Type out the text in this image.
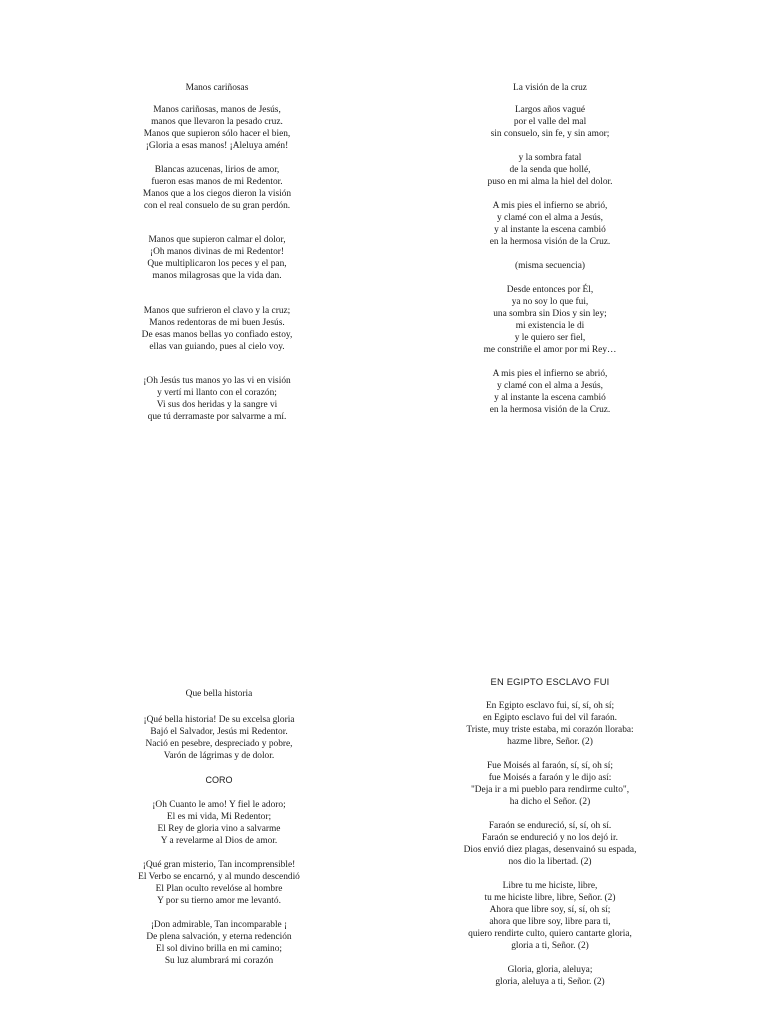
Manos cariñosas
Manos cariñosas, manos de Jesús,
manos que llevaron la pesado cruz.
Manos que supieron sólo hacer el bien,
¡Gloria a esas manos! ¡Aleluya amén!
Blancas azucenas, lirios de amor,
fueron esas manos de mi Redentor.
Manos que a los ciegos dieron la visión
con el real consuelo de su gran perdón.
Manos que supieron calmar el dolor,
¡Oh manos divinas de mi Redentor!
Que multiplicaron los peces y el pan,
manos milagrosas que la vida dan.
Manos que sufrieron el clavo y la cruz;
Manos redentoras de mi buen Jesús.
De esas manos bellas yo confiado estoy,
ellas van guiando, pues al cielo voy.
¡Oh Jesús tus manos yo las vi en visión
y vertí mi llanto con el corazón;
Vi sus dos heridas y la sangre vi
que tú derramaste por salvarme a mí.
La visión de la cruz
Largos años vagué
por el valle del mal
sin consuelo, sin fe, y sin amor;
y la sombra fatal
de la senda que hollé,
puso en mi alma la hiel del dolor.
A mis pies el infierno se abrió,
y clamé con el alma a Jesús,
y al instante la escena cambió
en la hermosa visión de la Cruz.
(misma secuencia)
Desde entonces por Él,
ya no soy lo que fui,
una sombra sin Dios y sin ley;
mi existencia le di
y le quiero ser fiel,
me constriñe el amor por mi Rey…
A mis pies el infierno se abrió,
y clamé con el alma a Jesús,
y al instante la escena cambió
en la hermosa visión de la Cruz.
Que bella historia
¡Qué bella historia! De su excelsa gloria
Bajó el Salvador, Jesús mi Redentor.
Nació en pesebre, despreciado y pobre,
Varón de lágrimas y de dolor.
CORO
¡Oh Cuanto le amo! Y fiel le adoro;
El es mi vida, Mi Redentor;
El Rey de gloria vino a salvarme
Y a revelarme al Dios de amor.
¡Qué gran misterio, Tan incomprensible!
El Verbo se encarnó, y al mundo descendió
El Plan oculto revelóse al hombre
Y por su tierno amor me levantó.
¡Don admirable, Tan incomparable ¡
De plena salvación, y eterna redención
El sol divino brilla en mi camino;
Su luz alumbrará mi corazón
EN EGIPTO ESCLAVO FUI
En Egipto esclavo fui, sí, sí, oh sí;
en Egipto esclavo fui del vil faraón.
Triste, muy triste estaba, mi corazón lloraba:
hazme libre, Señor. (2)
Fue Moisés al faraón, sí, sí, oh sí;
fue Moisés a faraón y le dijo así:
"Deja ir a mi pueblo para rendirme culto",
ha dicho el Señor. (2)
Faraón se endureció, sí, sí, oh sí.
Faraón se endureció y no los dejó ir.
Dios envió diez plagas, desenvainó su espada,
nos dio la libertad. (2)
Libre tu me hiciste, libre,
tu me hiciste libre, libre, Señor. (2)
Ahora que libre soy, sí, sí, oh sí;
ahora que libre soy, libre para ti,
quiero rendirte culto, quiero cantarte gloria,
gloria a ti, Señor. (2)
Gloria, gloria, aleluya;
gloria, aleluya a ti, Señor. (2)
